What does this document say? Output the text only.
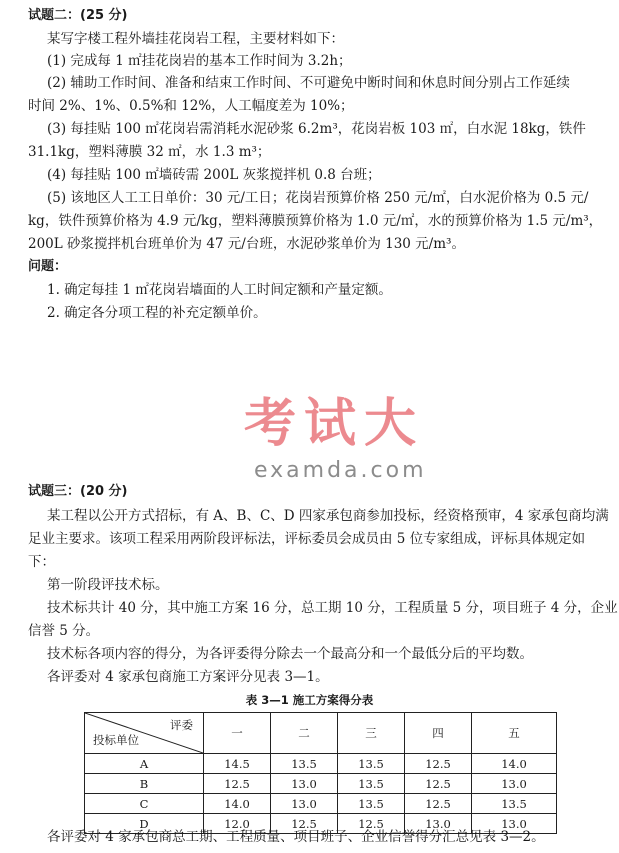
试题二：(25 分)
某写字楼工程外墙挂花岗岩工程，主要材料如下：
(1) 完成每 1 ㎡挂花岗岩的基本工作时间为 3.2h；
(2) 辅助工作时间、准备和结束工作时间、不可避免中断时间和休息时间分别占工作延续
时间 2%、1%、0.5%和 12%，人工幅度差为 10%；
(3) 每挂贴 100 ㎡花岗岩需消耗水泥砂浆 6.2m³，花岗岩板 103 ㎡，白水泥 18kg，铁件
31.1kg，塑料薄膜 32 ㎡，水 1.3 m³；
(4) 每挂贴 100 ㎡墙砖需 200L 灰浆搅拌机 0.8 台班；
(5) 该地区人工工日单价：30 元/工日；花岗岩预算价格 250 元/㎡，白水泥价格为 0.5 元/
kg，铁件预算价格为 4.9 元/kg，塑料薄膜预算价格为 1.0 元/㎡，水的预算价格为 1.5 元/m³，
200L 砂浆搅拌机台班单价为 47 元/台班，水泥砂浆单价为 130 元/m³。
问题：
1. 确定每挂 1 ㎡花岗岩墙面的人工时间定额和产量定额。
2. 确定各分项工程的补充定额单价。
考试大
examda.com
试题三：(20 分)
某工程以公开方式招标，有 A、B、C、D 四家承包商参加投标，经资格预审，4 家承包商均满
足业主要求。该项工程采用两阶段评标法，评标委员会成员由 5 位专家组成，评标具体规定如
下：
第一阶段评技术标。
技术标共计 40 分，其中施工方案 16 分，总工期 10 分，工程质量 5 分，项目班子 4 分，企业
信誉 5 分。
技术标各项内容的得分，为各评委得分除去一个最高分和一个最低分后的平均数。
各评委对 4 家承包商施工方案评分见表 3—1。
表 3—1 施工方案得分表
评委
投标单位	一	二	三	四	五
A	14.5	13.5	13.5	12.5	14.0
B	12.5	13.0	13.5	12.5	13.0
C	14.0	13.0	13.5	12.5	13.5
D	12.0	12.5	12.5	13.0	13.0
各评委对 4 家承包商总工期、工程质量、项目班子、企业信誉得分汇总见表 3—2。
